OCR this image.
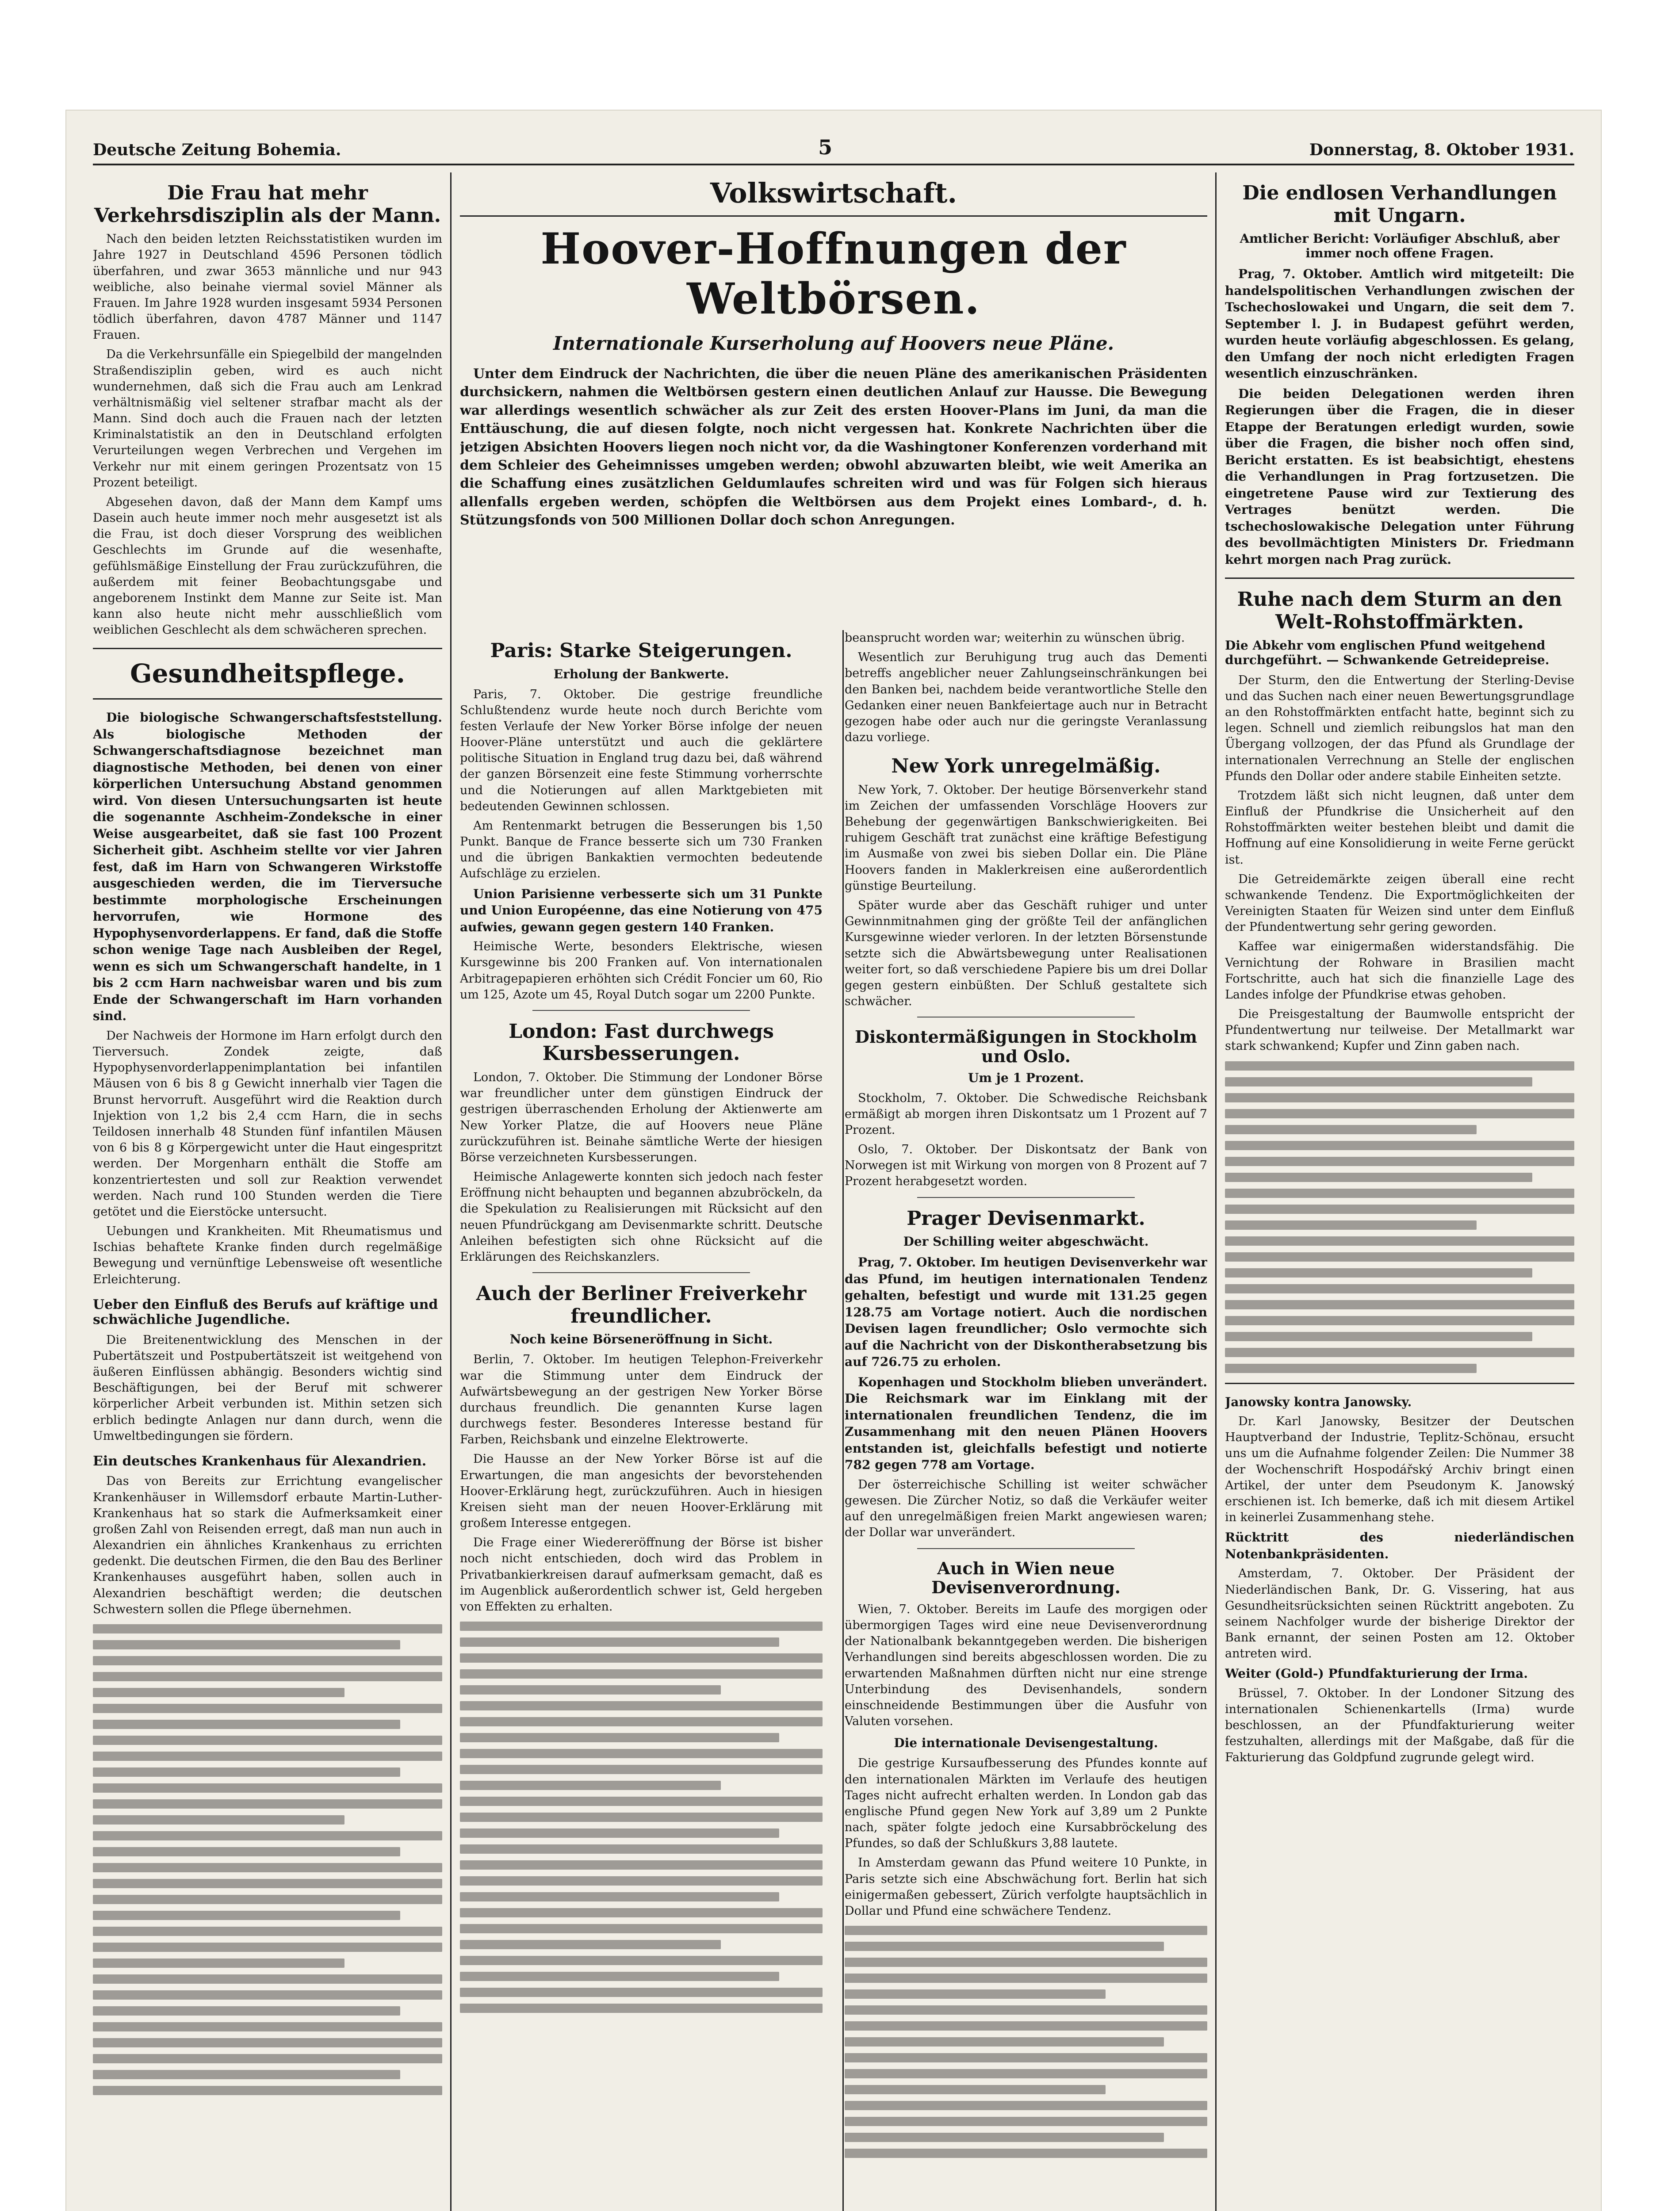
Deutsche Zeitung Bohemia.	5	Donnerstag, 8. Oktober 1931.
Die Frau hat mehr Verkehrsdisziplin als der Mann.

Nach den beiden letzten Reichsstatistiken wurden im Jahre 1927 in Deutschland 4596 Personen tödlich überfahren, und zwar 3653 männliche und nur 943 weibliche, also beinahe viermal soviel Männer als Frauen. Im Jahre 1928 wurden insgesamt 5934 Personen tödlich überfahren, davon 4787 Männer und 1147 Frauen.

Da die Verkehrsunfälle ein Spiegelbild der mangelnden Straßendisziplin geben, wird es auch nicht wundernehmen, daß sich die Frau auch am Lenkrad verhältnismäßig viel seltener strafbar macht als der Mann. Sind doch auch die Frauen nach der letzten Kriminalstatistik an den in Deutschland erfolgten Verurteilungen wegen Verbrechen und Vergehen im Verkehr nur mit einem geringen Prozentsatz von 15 Prozent beteiligt.

Abgesehen davon, daß der Mann dem Kampf ums Dasein auch heute immer noch mehr ausgesetzt ist als die Frau, ist doch dieser Vorsprung des weiblichen Geschlechts im Grunde auf die wesenhafte, gefühlsmäßige Einstellung der Frau zurückzuführen, die außerdem mit feiner Beobachtungsgabe und angeborenem Instinkt dem Manne zur Seite ist. Man kann also heute nicht mehr ausschließlich vom weiblichen Geschlecht als dem schwächeren sprechen.

Gesundheitspflege.

Die biologische Schwangerschaftsfeststellung. Als biologische Methoden der Schwangerschaftsdiagnose bezeichnet man diagnostische Methoden, bei denen von einer körperlichen Untersuchung Abstand genommen wird. Von diesen Untersuchungsarten ist heute die sogenannte Aschheim-Zondeksche in einer Weise ausgearbeitet, daß sie fast 100 Prozent Sicherheit gibt. Aschheim stellte vor vier Jahren fest, daß im Harn von Schwangeren Wirkstoffe ausgeschieden werden, die im Tierversuche bestimmte morphologische Erscheinungen hervorrufen, wie Hormone des Hypophysenvorderlappens. Er fand, daß die Stoffe schon wenige Tage nach Ausbleiben der Regel, wenn es sich um Schwangerschaft handelte, in 1 bis 2 ccm Harn nachweisbar waren und bis zum Ende der Schwangerschaft im Harn vorhanden sind.

Der Nachweis der Hormone im Harn erfolgt durch den Tierversuch. Zondek zeigte, daß Hypophysenvorderlappenimplantation bei infantilen Mäusen von 6 bis 8 g Gewicht innerhalb vier Tagen die Brunst hervorruft. Ausgeführt wird die Reaktion durch Injektion von 1,2 bis 2,4 ccm Harn, die in sechs Teildosen innerhalb 48 Stunden fünf infantilen Mäusen von 6 bis 8 g Körpergewicht unter die Haut eingespritzt werden. Der Morgenharn enthält die Stoffe am konzentriertesten und soll zur Reaktion verwendet werden. Nach rund 100 Stunden werden die Tiere getötet und die Eierstöcke untersucht.

Uebungen und Krankheiten. Mit Rheumatismus und Ischias behaftete Kranke finden durch regelmäßige Bewegung und vernünftige Lebensweise oft wesentliche Erleichterung.

Ueber den Einfluß des Berufs auf kräftige und schwächliche Jugendliche.

Die Breitenentwicklung des Menschen in der Pubertätszeit und Postpubertätszeit ist weitgehend von äußeren Einflüssen abhängig. Besonders wichtig sind Beschäftigungen, bei der Beruf mit schwerer körperlicher Arbeit verbunden ist. Mithin setzen sich erblich bedingte Anlagen nur dann durch, wenn die Umweltbedingungen sie fördern.

Ein deutsches Krankenhaus für Alexandrien.

Das von Bereits zur Errichtung evangelischer Krankenhäuser in Willemsdorf erbaute Martin-Luther-Krankenhaus hat so stark die Aufmerksamkeit einer großen Zahl von Reisenden erregt, daß man nun auch in Alexandrien ein ähnliches Krankenhaus zu errichten gedenkt. Die deutschen Firmen, die den Bau des Berliner Krankenhauses ausgeführt haben, sollen auch in Alexandrien beschäftigt werden; die deutschen Schwestern sollen die Pflege übernehmen.

Volkswirtschaft.
Hoover-Hoffnungen der Weltbörsen.
Internationale Kurserholung auf Hoovers neue Pläne.

Unter dem Eindruck der Nachrichten, die über die neuen Pläne des amerikanischen Präsidenten durchsickern, nahmen die Weltbörsen gestern einen deutlichen Anlauf zur Hausse. Die Bewegung war allerdings wesentlich schwächer als zur Zeit des ersten Hoover-Plans im Juni, da man die Enttäuschung, die auf diesen folgte, noch nicht vergessen hat. Konkrete Nachrichten über die jetzigen Absichten Hoovers liegen noch nicht vor, da die Washingtoner Konferenzen vorderhand mit dem Schleier des Geheimnisses umgeben werden; obwohl abzuwarten bleibt, wie weit Amerika an die Schaffung eines zusätzlichen Geldumlaufes schreiten wird und was für Folgen sich hieraus allenfalls ergeben werden, schöpfen die Weltbörsen aus dem Projekt eines Lombard-, d. h. Stützungsfonds von 500 Millionen Dollar doch schon Anregungen.

Paris: Starke Steigerungen.
Erholung der Bankwerte.

Paris, 7. Oktober. Die gestrige freundliche Schlußtendenz wurde heute noch durch Berichte vom festen Verlaufe der New Yorker Börse infolge der neuen Hoover-Pläne unterstützt und auch die geklärtere politische Situation in England trug dazu bei, daß während der ganzen Börsenzeit eine feste Stimmung vorherrschte und die Notierungen auf allen Marktgebieten mit bedeutenden Gewinnen schlossen.

Am Rentenmarkt betrugen die Besserungen bis 1,50 Punkt. Banque de France besserte sich um 730 Franken und die übrigen Bankaktien vermochten bedeutende Aufschläge zu erzielen.

Union Parisienne verbesserte sich um 31 Punkte und Union Européenne, das eine Notierung von 475 aufwies, gewann gegen gestern 140 Franken.

Heimische Werte, besonders Elektrische, wiesen Kursgewinne bis 200 Franken auf. Von internationalen Arbitragepapieren erhöhten sich Crédit Foncier um 60, Rio um 125, Azote um 45, Royal Dutch sogar um 2200 Punkte.

London: Fast durchwegs Kursbesserungen.

London, 7. Oktober. Die Stimmung der Londoner Börse war freundlicher unter dem günstigen Eindruck der gestrigen überraschenden Erholung der Aktienwerte am New Yorker Platze, die auf Hoovers neue Pläne zurückzuführen ist. Beinahe sämtliche Werte der hiesigen Börse verzeichneten Kursbesserungen.

Heimische Anlagewerte konnten sich jedoch nach fester Eröffnung nicht behaupten und begannen abzubröckeln, da die Spekulation zu Realisierungen mit Rücksicht auf den neuen Pfundrückgang am Devisenmarkte schritt. Deutsche Anleihen befestigten sich ohne Rücksicht auf die Erklärungen des Reichskanzlers.

Auch der Berliner Freiverkehr freundlicher.
Noch keine Börseneröffnung in Sicht.

Berlin, 7. Oktober. Im heutigen Telephon-Freiverkehr war die Stimmung unter dem Eindruck der Aufwärtsbewegung an der gestrigen New Yorker Börse durchaus freundlich. Die genannten Kurse lagen durchwegs fester. Besonderes Interesse bestand für Farben, Reichsbank und einzelne Elektrowerte.

Die Hausse an der New Yorker Börse ist auf die Erwartungen, die man angesichts der bevorstehenden Hoover-Erklärung hegt, zurückzuführen. Auch in hiesigen Kreisen sieht man der neuen Hoover-Erklärung mit großem Interesse entgegen.

Die Frage einer Wiedereröffnung der Börse ist bisher noch nicht entschieden, doch wird das Problem in Privatbankierkreisen darauf aufmerksam gemacht, daß es im Augenblick außerordentlich schwer ist, Geld hergeben von Effekten zu erhalten.

beansprucht worden war; weiterhin zu wünschen übrig.

Wesentlich zur Beruhigung trug auch das Dementi betreffs angeblicher neuer Zahlungseinschränkungen bei den Banken bei, nachdem beide verantwortliche Stelle den Gedanken einer neuen Bankfeiertage auch nur in Betracht gezogen habe oder auch nur die geringste Veranlassung dazu vorliege.

New York unregelmäßig.

New York, 7. Oktober. Der heutige Börsenverkehr stand im Zeichen der umfassenden Vorschläge Hoovers zur Behebung der gegenwärtigen Bankschwierigkeiten. Bei ruhigem Geschäft trat zunächst eine kräftige Befestigung im Ausmaße von zwei bis sieben Dollar ein. Die Pläne Hoovers fanden in Maklerkreisen eine außerordentlich günstige Beurteilung.

Später wurde aber das Geschäft ruhiger und unter Gewinnmitnahmen ging der größte Teil der anfänglichen Kursgewinne wieder verloren. In der letzten Börsenstunde setzte sich die Abwärtsbewegung unter Realisationen weiter fort, so daß verschiedene Papiere bis um drei Dollar gegen gestern einbüßten. Der Schluß gestaltete sich schwächer.

Diskontermäßigungen in Stockholm und Oslo.
Um je 1 Prozent.

Stockholm, 7. Oktober. Die Schwedische Reichsbank ermäßigt ab morgen ihren Diskontsatz um 1 Prozent auf 7 Prozent.

Oslo, 7. Oktober. Der Diskontsatz der Bank von Norwegen ist mit Wirkung von morgen von 8 Prozent auf 7 Prozent herabgesetzt worden.

Prager Devisenmarkt.
Der Schilling weiter abgeschwächt.

Prag, 7. Oktober. Im heutigen Devisenverkehr war das Pfund, im heutigen internationalen Tendenz gehalten, befestigt und wurde mit 131.25 gegen 128.75 am Vortage notiert. Auch die nordischen Devisen lagen freundlicher; Oslo vermochte sich auf die Nachricht von der Diskontherabsetzung bis auf 726.75 zu erholen.

Kopenhagen und Stockholm blieben unverändert. Die Reichsmark war im Einklang mit der internationalen freundlichen Tendenz, die im Zusammenhang mit den neuen Plänen Hoovers entstanden ist, gleichfalls befestigt und notierte 782 gegen 778 am Vortage.

Der österreichische Schilling ist weiter schwächer gewesen. Die Zürcher Notiz, so daß die Verkäufer weiter auf den unregelmäßigen freien Markt angewiesen waren; der Dollar war unverändert.

Auch in Wien neue Devisenverordnung.

Wien, 7. Oktober. Bereits im Laufe des morgigen oder übermorgigen Tages wird eine neue Devisenverordnung der Nationalbank bekanntgegeben werden. Die bisherigen Verhandlungen sind bereits abgeschlossen worden. Die zu erwartenden Maßnahmen dürften nicht nur eine strenge Unterbindung des Devisenhandels, sondern einschneidende Bestimmungen über die Ausfuhr von Valuten vorsehen.

Die internationale Devisengestaltung.

Die gestrige Kursaufbesserung des Pfundes konnte auf den internationalen Märkten im Verlaufe des heutigen Tages nicht aufrecht erhalten werden. In London gab das englische Pfund gegen New York auf 3,89 um 2 Punkte nach, später folgte jedoch eine Kursabbröckelung des Pfundes, so daß der Schlußkurs 3,88 lautete.

In Amsterdam gewann das Pfund weitere 10 Punkte, in Paris setzte sich eine Abschwächung fort. Berlin hat sich einigermaßen gebessert, Zürich verfolgte hauptsächlich in Dollar und Pfund eine schwächere Tendenz.

Die endlosen Verhandlungen mit Ungarn.
Amtlicher Bericht: Vorläufiger Abschluß, aber immer noch offene Fragen.

Prag, 7. Oktober. Amtlich wird mitgeteilt: Die handelspolitischen Verhandlungen zwischen der Tschechoslowakei und Ungarn, die seit dem 7. September l. J. in Budapest geführt werden, wurden heute vorläufig abgeschlossen. Es gelang, den Umfang der noch nicht erledigten Fragen wesentlich einzuschränken.

Die beiden Delegationen werden ihren Regierungen über die Fragen, die in dieser Etappe der Beratungen erledigt wurden, sowie über die Fragen, die bisher noch offen sind, Bericht erstatten. Es ist beabsichtigt, ehestens die Verhandlungen in Prag fortzusetzen. Die eingetretene Pause wird zur Textierung des Vertrages benützt werden. Die tschechoslowakische Delegation unter Führung des bevollmächtigten Ministers Dr. Friedmann kehrt morgen nach Prag zurück.

Ruhe nach dem Sturm an den Welt-Rohstoffmärkten.
Die Abkehr vom englischen Pfund weitgehend durchgeführt. — Schwankende Getreidepreise.

Der Sturm, den die Entwertung der Sterling-Devise und das Suchen nach einer neuen Bewertungsgrundlage an den Rohstoffmärkten entfacht hatte, beginnt sich zu legen. Schnell und ziemlich reibungslos hat man den Übergang vollzogen, der das Pfund als Grundlage der internationalen Verrechnung an Stelle der englischen Pfunds den Dollar oder andere stabile Einheiten setzte.

Trotzdem läßt sich nicht leugnen, daß unter dem Einfluß der Pfundkrise die Unsicherheit auf den Rohstoffmärkten weiter bestehen bleibt und damit die Hoffnung auf eine Konsolidierung in weite Ferne gerückt ist.

Die Getreidemärkte zeigen überall eine recht schwankende Tendenz. Die Exportmöglichkeiten der Vereinigten Staaten für Weizen sind unter dem Einfluß der Pfundentwertung sehr gering geworden.

Kaffee war einigermaßen widerstandsfähig. Die Vernichtung der Rohware in Brasilien macht Fortschritte, auch hat sich die finanzielle Lage des Landes infolge der Pfundkrise etwas gehoben.

Die Preisgestaltung der Baumwolle entspricht der Pfundentwertung nur teilweise. Der Metallmarkt war stark schwankend; Kupfer und Zinn gaben nach.

Janowsky kontra Janowsky.

Dr. Karl Janowsky, Besitzer der Deutschen Hauptverband der Industrie, Teplitz-Schönau, ersucht uns um die Aufnahme folgender Zeilen: Die Nummer 38 der Wochenschrift Hospodářský Archiv bringt einen Artikel, der unter dem Pseudonym K. Janowský erschienen ist. Ich bemerke, daß ich mit diesem Artikel in keinerlei Zusammenhang stehe.

Rücktritt des niederländischen Notenbankpräsidenten.

Amsterdam, 7. Oktober. Der Präsident der Niederländischen Bank, Dr. G. Vissering, hat aus Gesundheitsrücksichten seinen Rücktritt angeboten. Zu seinem Nachfolger wurde der bisherige Direktor der Bank ernannt, der seinen Posten am 12. Oktober antreten wird.

Weiter (Gold-) Pfundfakturierung der Irma.

Brüssel, 7. Oktober. In der Londoner Sitzung des internationalen Schienenkartells (Irma) wurde beschlossen, an der Pfundfakturierung weiter festzuhalten, allerdings mit der Maßgabe, daß für die Fakturierung das Goldpfund zugrunde gelegt wird.
